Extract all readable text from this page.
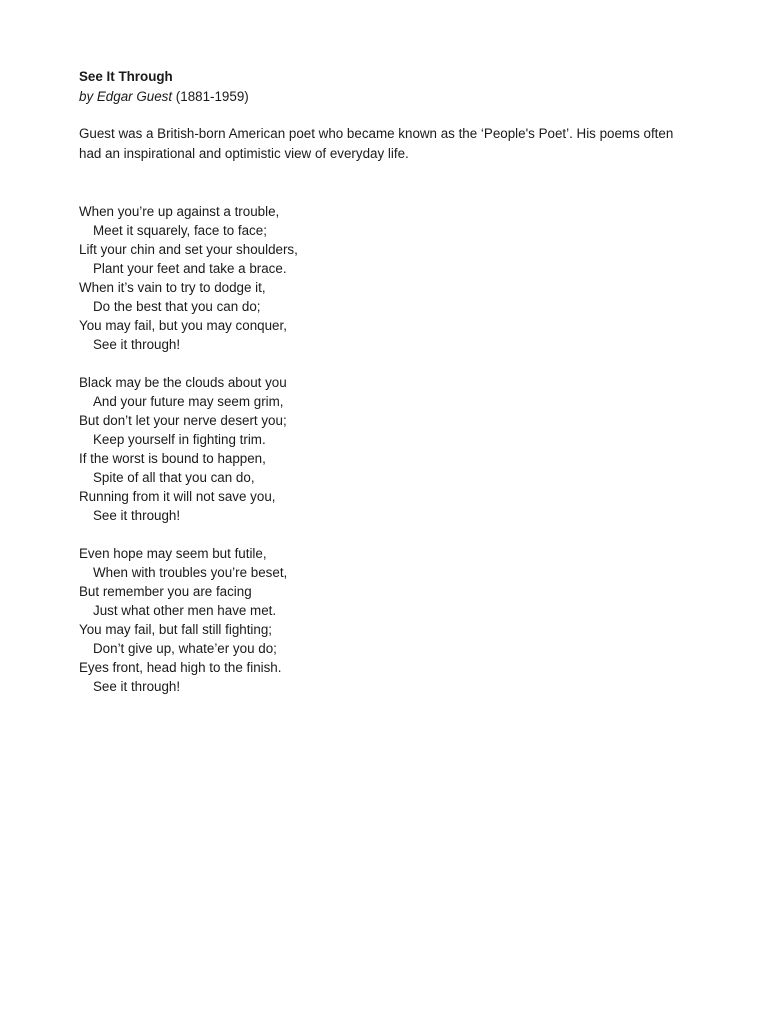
See It Through
by Edgar Guest (1881-1959)
Guest was a British-born American poet who became known as the ‘People's Poet’. His poems often had an inspirational and optimistic view of everyday life.
When you’re up against a trouble,
Meet it squarely, face to face;
Lift your chin and set your shoulders,
Plant your feet and take a brace.
When it’s vain to try to dodge it,
Do the best that you can do;
You may fail, but you may conquer,
See it through!
Black may be the clouds about you
And your future may seem grim,
But don’t let your nerve desert you;
Keep yourself in fighting trim.
If the worst is bound to happen,
Spite of all that you can do,
Running from it will not save you,
See it through!
Even hope may seem but futile,
When with troubles you’re beset,
But remember you are facing
Just what other men have met.
You may fail, but fall still fighting;
Don’t give up, whate’er you do;
Eyes front, head high to the finish.
See it through!
